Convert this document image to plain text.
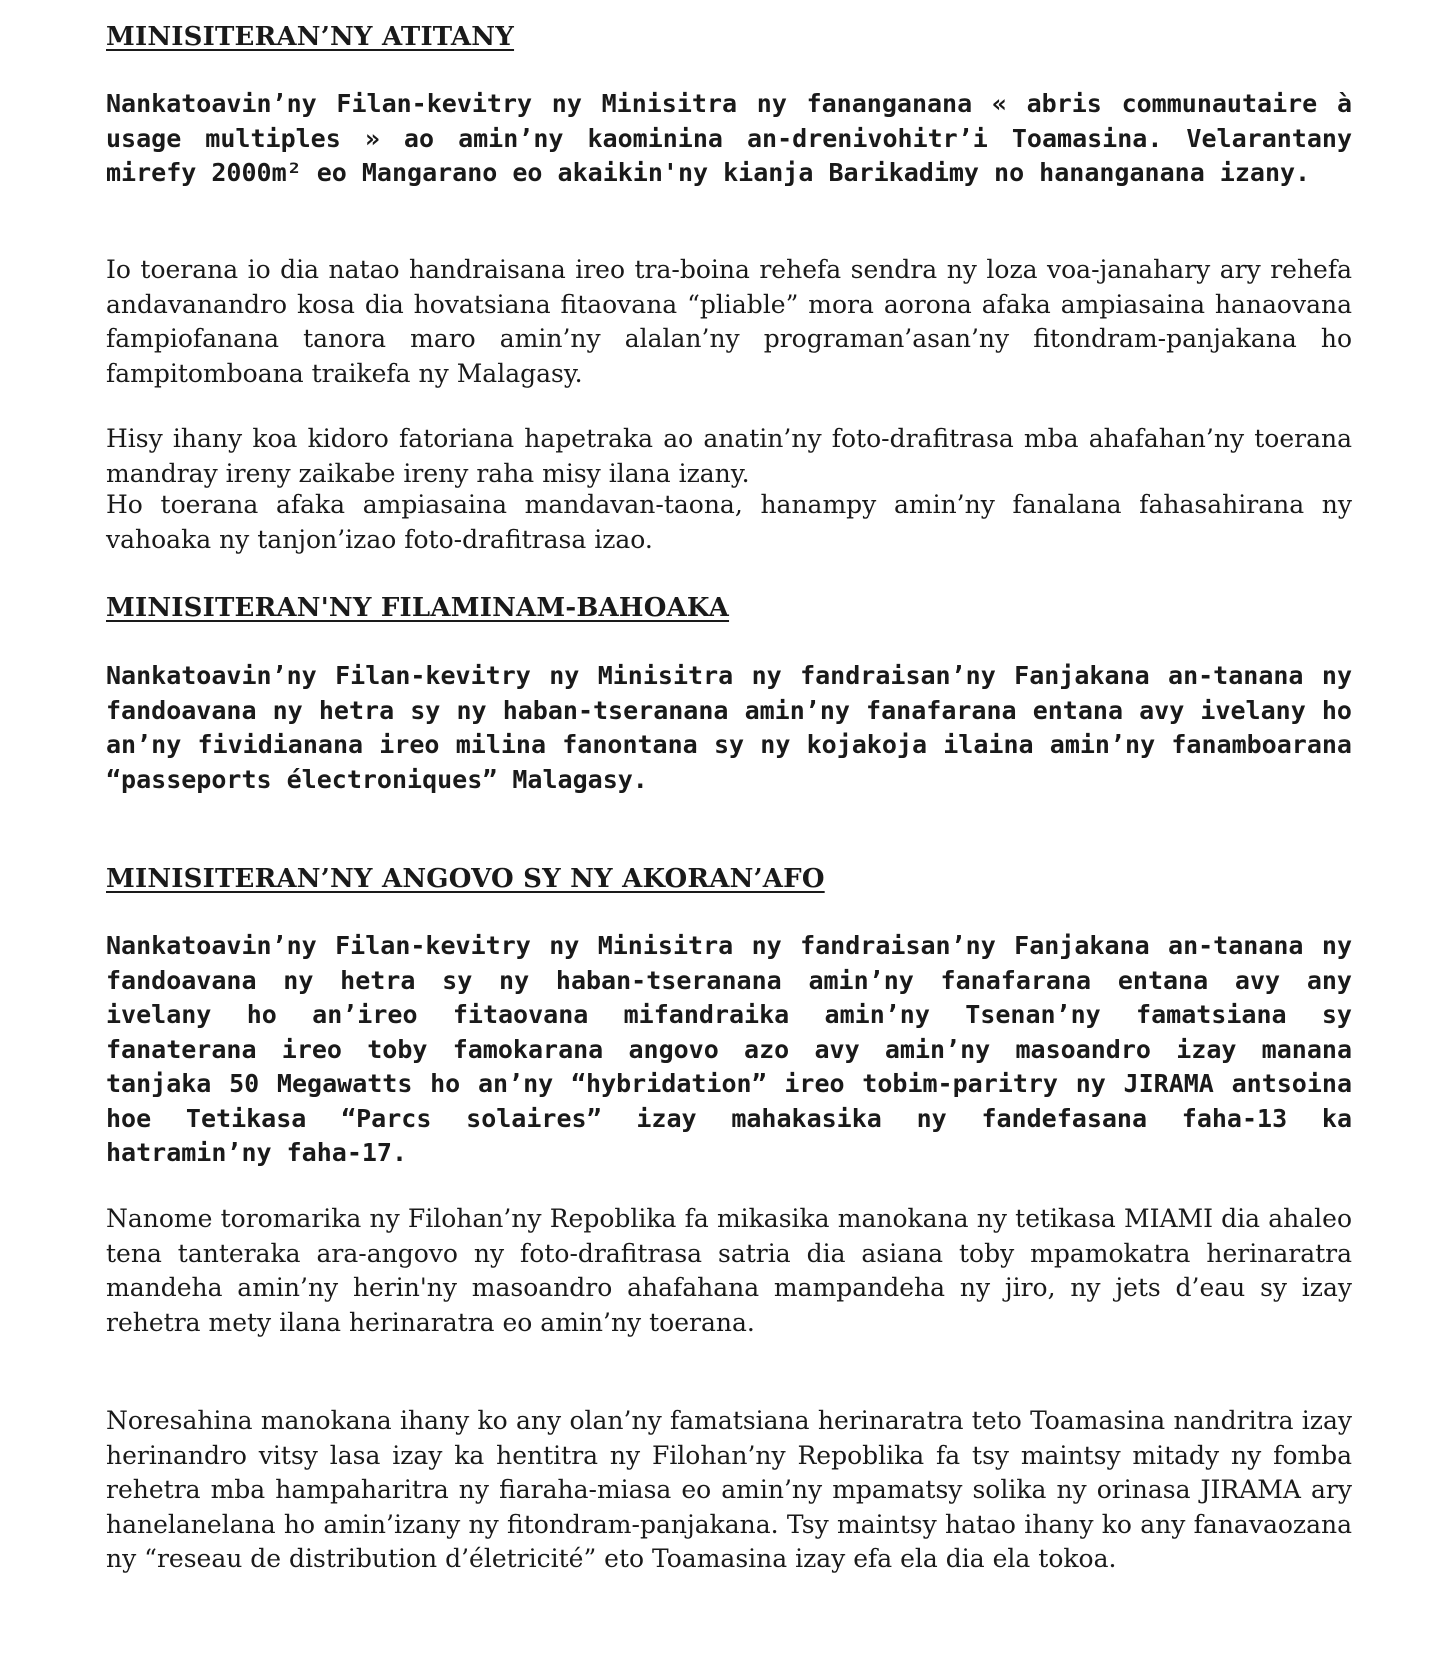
MINISITERAN’NY ATITANY

Nankatoavin’ny Filan-kevitry ny Minisitra ny fananganana « abris communautaire à usage multiples » ao amin’ny kaominina an-drenivohitr’i Toamasina. Velarantany mirefy 2000m² eo Mangarano eo akaikin'ny kianja Barikadimy no hananganana izany.

Io toerana io dia natao handraisana ireo tra-boina rehefa sendra ny loza voa-janahary ary rehefa andavanandro kosa dia hovatsiana fitaovana “pliable” mora aorona afaka ampiasaina hanaovana fampiofanana tanora maro amin’ny alalan’ny programan’asan’ny fitondram-panjakana ho fampitomboana traikefa ny Malagasy.

Hisy ihany koa kidoro fatoriana hapetraka ao anatin’ny foto-drafitrasa mba ahafahan’ny toerana mandray ireny zaikabe ireny raha misy ilana izany.

Ho toerana afaka ampiasaina mandavan-taona, hanampy amin’ny fanalana fahasahirana ny vahoaka ny tanjon’izao foto-drafitrasa izao.

MINISITERAN'NY FILAMINAM-BAHOAKA

Nankatoavin’ny Filan-kevitry ny Minisitra ny fandraisan’ny Fanjakana an-tanana ny fandoavana ny hetra sy ny haban-tseranana amin’ny fanafarana entana avy ivelany ho an’ny fividianana ireo milina fanontana sy ny kojakoja ilaina amin’ny fanamboarana “passeports électroniques” Malagasy.

MINISITERAN’NY ANGOVO SY NY AKORAN’AFO

Nankatoavin’ny Filan-kevitry ny Minisitra ny fandraisan’ny Fanjakana an-tanana ny fandoavana ny hetra sy ny haban-tseranana amin’ny fanafarana entana avy any ivelany ho an’ireo fitaovana mifandraika amin’ny Tsenan’ny famatsiana sy fanaterana ireo toby famokarana angovo azo avy amin’ny masoandro izay manana tanjaka 50 Megawatts ho an’ny “hybridation” ireo tobim-paritry ny JIRAMA antsoina hoe Tetikasa “Parcs solaires” izay mahakasika ny fandefasana faha-13 ka hatramin’ny faha-17.

Nanome toromarika ny Filohan’ny Repoblika fa mikasika manokana ny tetikasa MIAMI dia ahaleo tena tanteraka ara-angovo ny foto-drafitrasa satria dia asiana toby mpamokatra herinaratra mandeha amin’ny herin'ny masoandro ahafahana mampandeha ny jiro, ny jets d’eau sy izay rehetra mety ilana herinaratra eo amin’ny toerana.

Noresahina manokana ihany ko any olan’ny famatsiana herinaratra teto Toamasina nandritra izay herinandro vitsy lasa izay ka hentitra ny Filohan’ny Repoblika fa tsy maintsy mitady ny fomba rehetra mba hampaharitra ny fiaraha-miasa eo amin’ny mpamatsy solika ny orinasa JIRAMA ary hanelanelana ho amin’izany ny fitondram-panjakana. Tsy maintsy hatao ihany ko any fanavaozana ny “reseau de distribution d’életricité” eto Toamasina izay efa ela dia ela tokoa.
